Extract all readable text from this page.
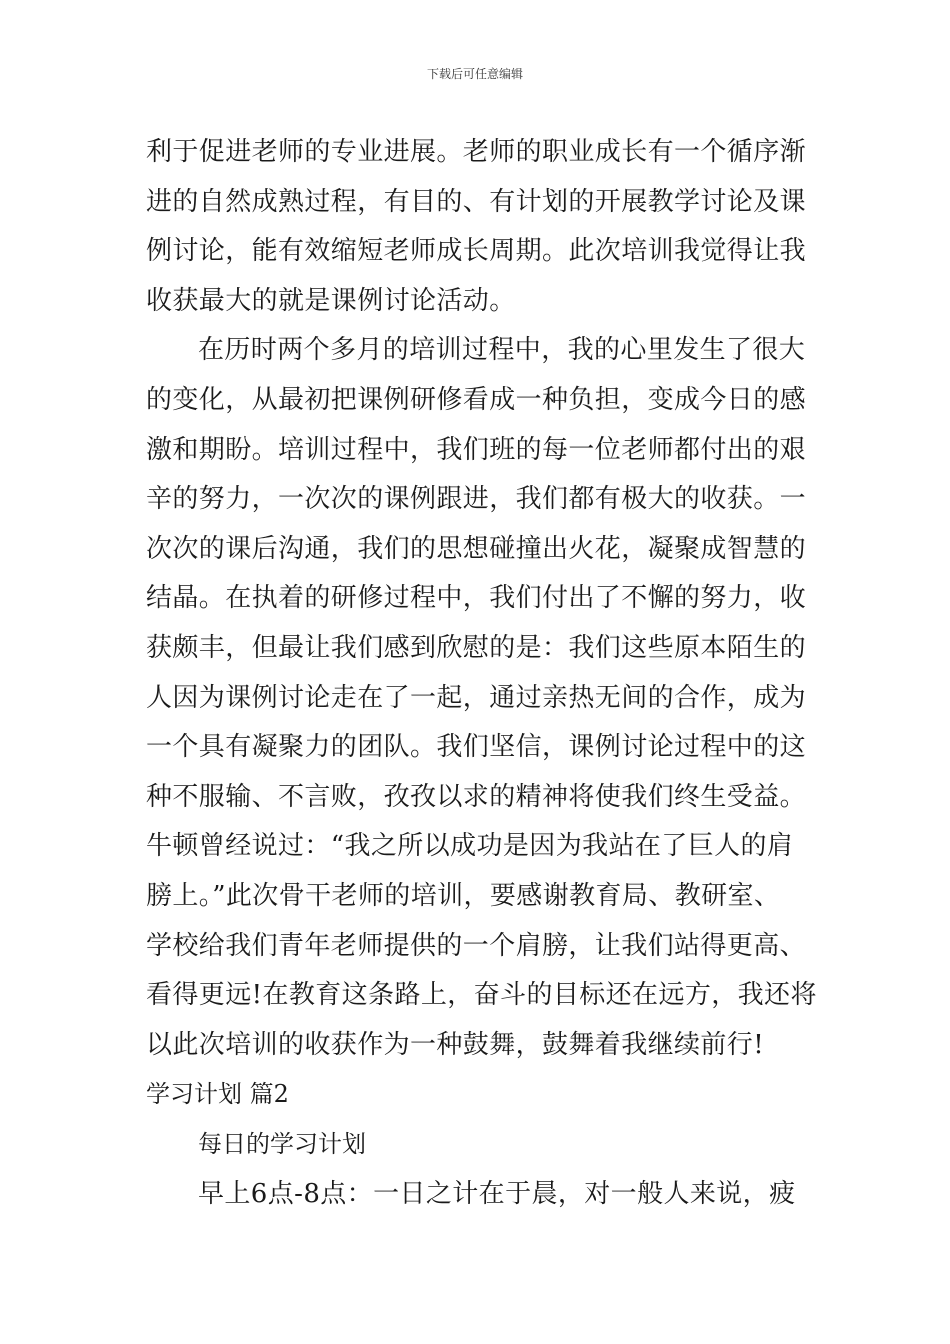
下载后可任意编辑
利于促进老师的专业进展。老师的职业成长有一个循序渐
进的自然成熟过程，有目的、有计划的开展教学讨论及课
例讨论，能有效缩短老师成长周期。此次培训我觉得让我
收获最大的就是课例讨论活动。
在历时两个多月的培训过程中，我的心里发生了很大
的变化，从最初把课例研修看成一种负担，变成今日的感
激和期盼。培训过程中，我们班的每一位老师都付出的艰
辛的努力，一次次的课例跟进，我们都有极大的收获。一
次次的课后沟通，我们的思想碰撞出火花，凝聚成智慧的
结晶。在执着的研修过程中，我们付出了不懈的努力，收
获颇丰，但最让我们感到欣慰的是：我们这些原本陌生的
人因为课例讨论走在了一起，通过亲热无间的合作，成为
一个具有凝聚力的团队。我们坚信，课例讨论过程中的这
种不服输、不言败，孜孜以求的精神将使我们终生受益。
牛顿曾经说过：“我之所以成功是因为我站在了巨人的肩
膀上。”此次骨干老师的培训，要感谢教育局、教研室、
学校给我们青年老师提供的一个肩膀，让我们站得更高、
看得更远!在教育这条路上，奋斗的目标还在远方，我还将
以此次培训的收获作为一种鼓舞，鼓舞着我继续前行!
学习计划 篇2
每日的学习计划
早上6点-8点：一日之计在于晨，对一般人来说，疲
